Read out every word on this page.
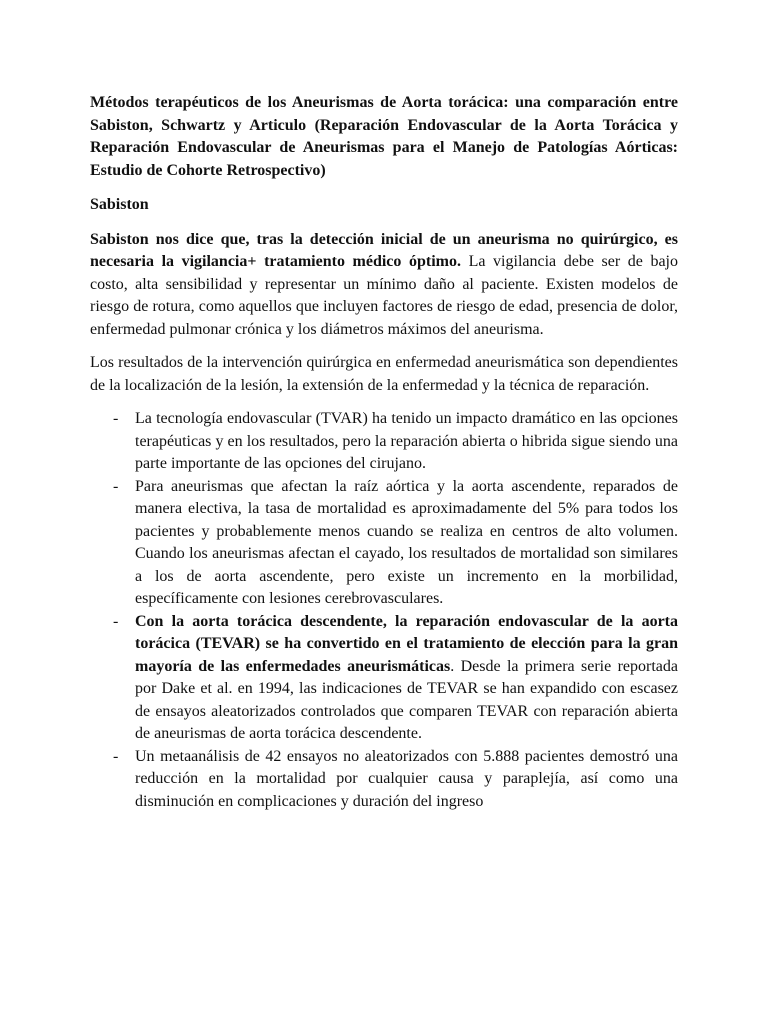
Métodos terapéuticos de los Aneurismas de Aorta torácica: una comparación entre Sabiston, Schwartz y Articulo (Reparación Endovascular de la Aorta Torácica y Reparación Endovascular de Aneurismas para el Manejo de Patologías Aórticas: Estudio de Cohorte Retrospectivo)

Sabiston

Sabiston nos dice que, tras la detección inicial de un aneurisma no quirúrgico, es necesaria la vigilancia+ tratamiento médico óptimo. La vigilancia debe ser de bajo costo, alta sensibilidad y representar un mínimo daño al paciente. Existen modelos de riesgo de rotura, como aquellos que incluyen factores de riesgo de edad, presencia de dolor, enfermedad pulmonar crónica y los diámetros máximos del aneurisma.

Los resultados de la intervención quirúrgica en enfermedad aneurismática son dependientes de la localización de la lesión, la extensión de la enfermedad y la técnica de reparación.

- La tecnología endovascular (TVAR) ha tenido un impacto dramático en las opciones terapéuticas y en los resultados, pero la reparación abierta o hibrida sigue siendo una parte importante de las opciones del cirujano.
- Para aneurismas que afectan la raíz aórtica y la aorta ascendente, reparados de manera electiva, la tasa de mortalidad es aproximadamente del 5% para todos los pacientes y probablemente menos cuando se realiza en centros de alto volumen. Cuando los aneurismas afectan el cayado, los resultados de mortalidad son similares a los de aorta ascendente, pero existe un incremento en la morbilidad, específicamente con lesiones cerebrovasculares.
- Con la aorta torácica descendente, la reparación endovascular de la aorta torácica (TEVAR) se ha convertido en el tratamiento de elección para la gran mayoría de las enfermedades aneurismáticas. Desde la primera serie reportada por Dake et al. en 1994, las indicaciones de TEVAR se han expandido con escasez de ensayos aleatorizados controlados que comparen TEVAR con reparación abierta de aneurismas de aorta torácica descendente.
- Un metaanálisis de 42 ensayos no aleatorizados con 5.888 pacientes demostró una reducción en la mortalidad por cualquier causa y paraplejía, así como una disminución en complicaciones y duración del ingreso
